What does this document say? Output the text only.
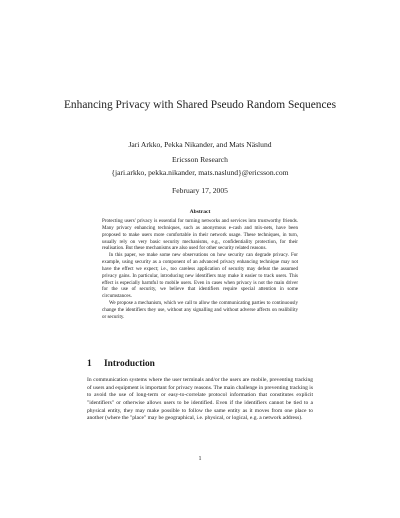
Enhancing Privacy with Shared Pseudo Random Sequences
Jari Arkko, Pekka Nikander, and Mats Näslund
Ericsson Research
{jari.arkko, pekka.nikander, mats.naslund}@ericsson.com
February 17, 2005
Abstract

Protecting users' privacy is essential for turning networks and services into trustworthy friends. Many privacy enhancing techniques, such as anonymous e-cash and mix-nets, have been proposed to make users more comfortable in their network usage. These techniques, in turn, usually rely on very basic security mechanisms, e.g., confidentiality protection, for their realisation. But these mechanisms are also used for other security related reasons.

In this paper, we make some new observations on how security can degrade privacy. For example, using security as a component of an advanced privacy enhancing technique may not have the effect we expect; i.e., too careless application of security may defeat the assumed privacy gains. In particular, introducing new identifiers may make it easier to track users. This effect is especially harmful to mobile users. Even in cases when privacy is not the main driver for the use of security, we believe that identifiers require special attention in some circumstances.

We propose a mechanism, which we call to allow the communicating parties to continuously change the identifiers they use, without any signalling and without adverse affects on realibility or security.

1 Introduction

In communication systems where the user terminals and/or the users are mobile, preventing tracking of users and equipment is important for privacy reasons. The main challenge in preventing tracking is to avoid the use of long-term or easy-to-correlate protocol information that constitutes explicit "identifiers" or otherwise allows users to be identified. Even if the identifiers cannot be tied to a physical entity, they may make possible to follow the same entity as it moves from one place to another (where the "place" may be geographical, i.e. physical, or logical, e.g. a network address).

1
